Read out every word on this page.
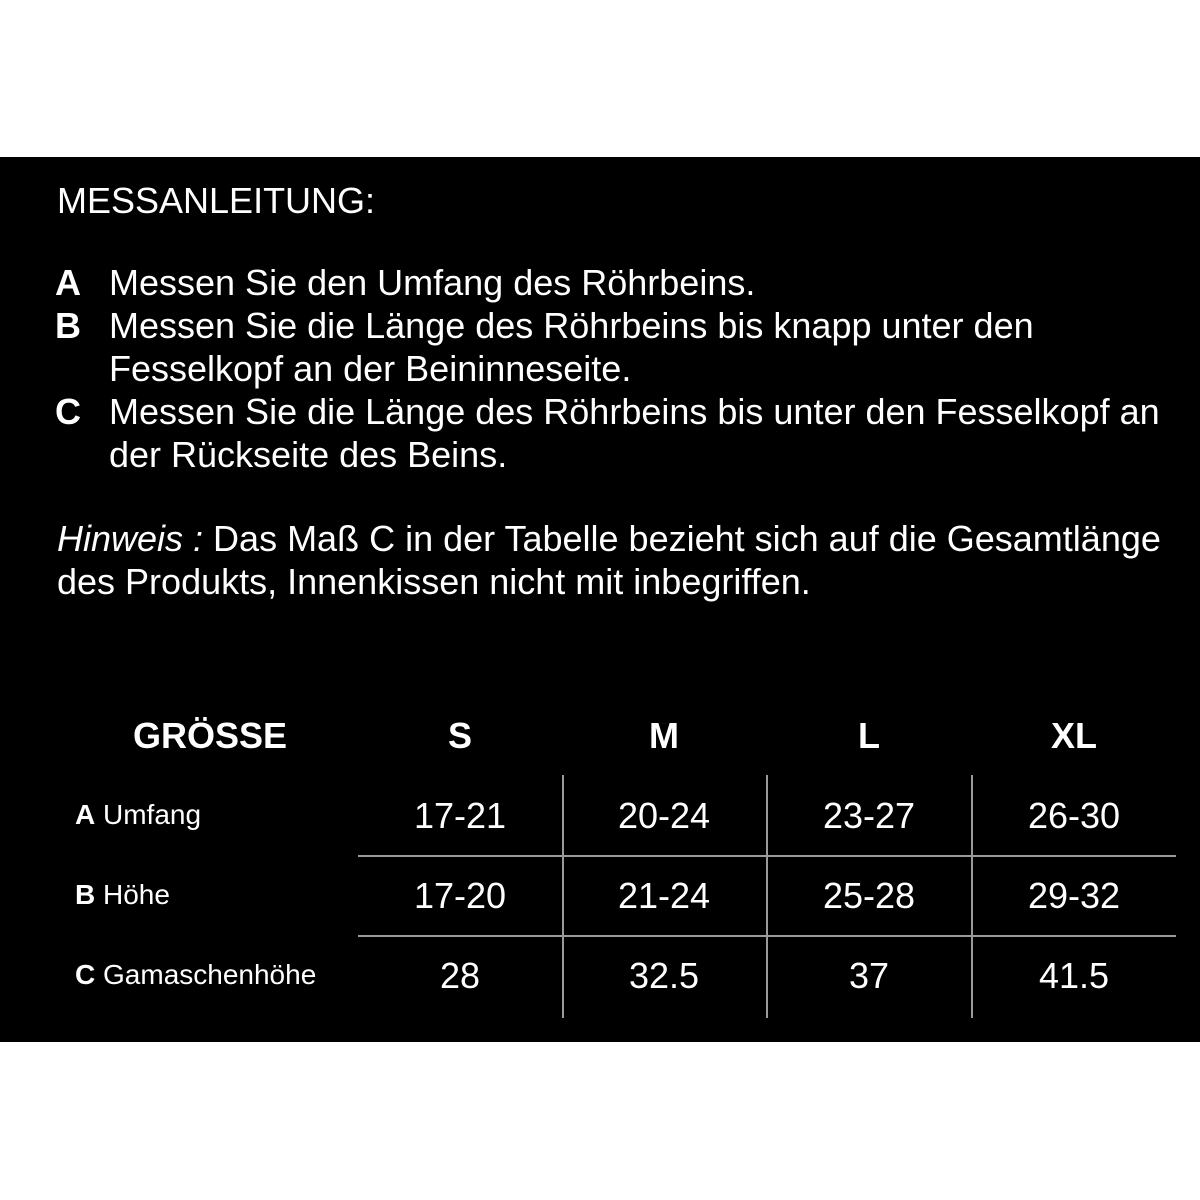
MESSANLEITUNG:
A Messen Sie den Umfang des Röhrbeins.
B Messen Sie die Länge des Röhrbeins bis knapp unter den Fesselkopf an der Beininneseite.
C Messen Sie die Länge des Röhrbeins bis unter den Fesselkopf an der Rückseite des Beins.
Hinweis : Das Maß C in der Tabelle bezieht sich auf die Gesamtlänge des Produkts, Innenkissen nicht mit inbegriffen.
GRÖSSE	S	M	L	XL
A Umfang	17-21	20-24	23-27	26-30
B Höhe	17-20	21-24	25-28	29-32
C Gamaschenhöhe	28	32.5	37	41.5
